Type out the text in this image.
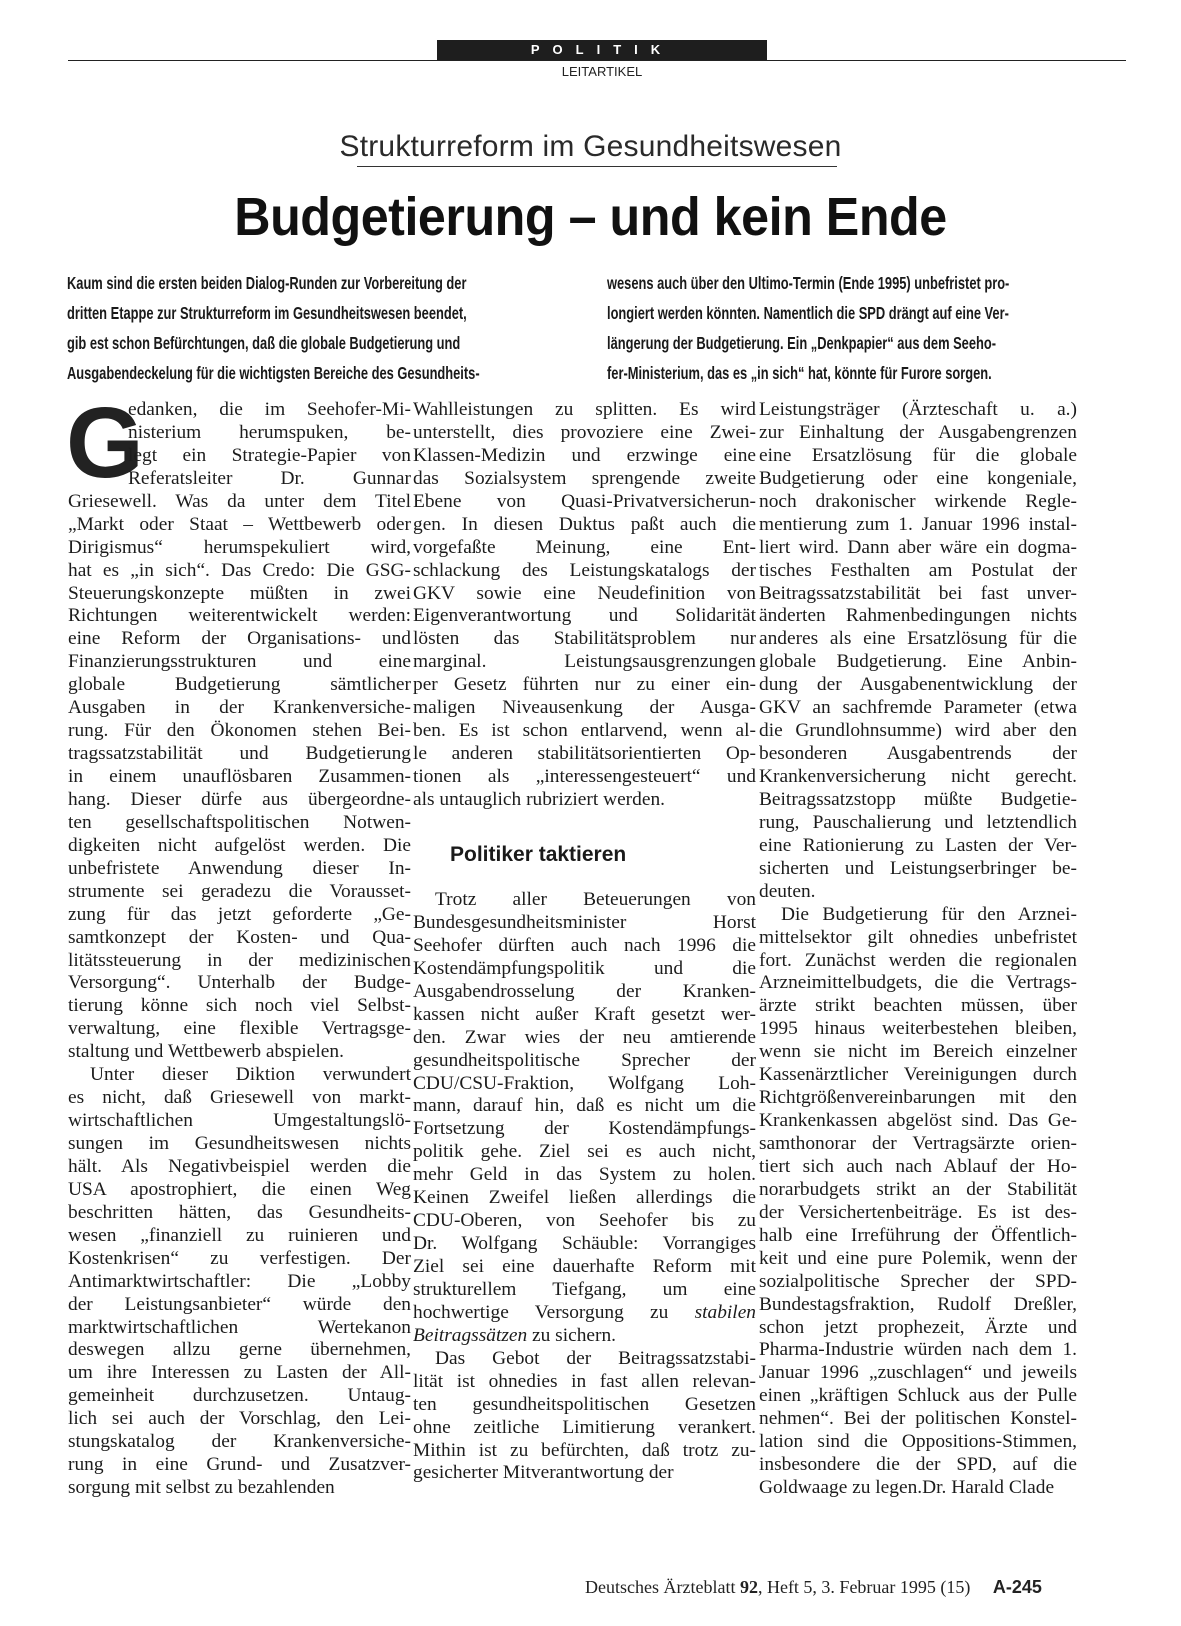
POLITIK
LEITARTIKEL
Strukturreform im Gesundheitswesen
Budgetierung – und kein Ende
Kaum sind die ersten beiden Dialog-Runden zur Vorbereitung der
dritten Etappe zur Strukturreform im Gesundheitswesen beendet,
gib est schon Befürchtungen, daß die globale Budgetierung und
Ausgabendeckelung für die wichtigsten Bereiche des Gesundheits-
wesens auch über den Ultimo-Termin (Ende 1995) unbefristet pro-
longiert werden könnten. Namentlich die SPD drängt auf eine Ver-
längerung der Budgetierung. Ein „Denkpapier“ aus dem Seeho-
fer-Ministerium, das es „in sich“ hat, könnte für Furore sorgen.
G
edanken, die im Seehofer-Mi-
nisterium herumspuken, be-
legt ein Strategie-Papier von
Referatsleiter Dr. Gunnar
Griesewell. Was da unter dem Titel
„Markt oder Staat – Wettbewerb oder
Dirigismus“ herumspekuliert wird,
hat es „in sich“. Das Credo: Die GSG-
Steuerungskonzepte müßten in zwei
Richtungen weiterentwickelt werden:
eine Reform der Organisations- und
Finanzierungsstrukturen und eine
globale Budgetierung sämtlicher
Ausgaben in der Krankenversiche-
rung. Für den Ökonomen stehen Bei-
tragssatzstabilität und Budgetierung
in einem unauflösbaren Zusammen-
hang. Dieser dürfe aus übergeordne-
ten gesellschaftspolitischen Notwen-
digkeiten nicht aufgelöst werden. Die
unbefristete Anwendung dieser In-
strumente sei geradezu die Vorausset-
zung für das jetzt geforderte „Ge-
samtkonzept der Kosten- und Qua-
litätssteuerung in der medizinischen
Versorgung“. Unterhalb der Budge-
tierung könne sich noch viel Selbst-
verwaltung, eine flexible Vertragsge-
staltung und Wettbewerb abspielen.
Unter dieser Diktion verwundert
es nicht, daß Griesewell von markt-
wirtschaftlichen Umgestaltungslö-
sungen im Gesundheitswesen nichts
hält. Als Negativbeispiel werden die
USA apostrophiert, die einen Weg
beschritten hätten, das Gesundheits-
wesen „finanziell zu ruinieren und
Kostenkrisen“ zu verfestigen. Der
Antimarktwirtschaftler: Die „Lobby
der Leistungsanbieter“ würde den
marktwirtschaftlichen Wertekanon
deswegen allzu gerne übernehmen,
um ihre Interessen zu Lasten der All-
gemeinheit durchzusetzen. Untaug-
lich sei auch der Vorschlag, den Lei-
stungskatalog der Krankenversiche-
rung in eine Grund- und Zusatzver-
sorgung mit selbst zu bezahlenden
Wahlleistungen zu splitten. Es wird
unterstellt, dies provoziere eine Zwei-
Klassen-Medizin und erzwinge eine
das Sozialsystem sprengende zweite
Ebene von Quasi-Privatversicherun-
gen. In diesen Duktus paßt auch die
vorgefaßte Meinung, eine Ent-
schlackung des Leistungskatalogs der
GKV sowie eine Neudefinition von
Eigenverantwortung und Solidarität
lösten das Stabilitätsproblem nur
marginal. Leistungsausgrenzungen
per Gesetz führten nur zu einer ein-
maligen Niveausenkung der Ausga-
ben. Es ist schon entlarvend, wenn al-
le anderen stabilitätsorientierten Op-
tionen als „interessengesteuert“ und
als untauglich rubriziert werden.
Politiker taktieren
Trotz aller Beteuerungen von
Bundesgesundheitsminister Horst
Seehofer dürften auch nach 1996 die
Kostendämpfungspolitik und die
Ausgabendrosselung der Kranken-
kassen nicht außer Kraft gesetzt wer-
den. Zwar wies der neu amtierende
gesundheitspolitische Sprecher der
CDU/CSU-Fraktion, Wolfgang Loh-
mann, darauf hin, daß es nicht um die
Fortsetzung der Kostendämpfungs-
politik gehe. Ziel sei es auch nicht,
mehr Geld in das System zu holen.
Keinen Zweifel ließen allerdings die
CDU-Oberen, von Seehofer bis zu
Dr. Wolfgang Schäuble: Vorrangiges
Ziel sei eine dauerhafte Reform mit
strukturellem Tiefgang, um eine
hochwertige Versorgung zu stabilen
Beitragssätzen zu sichern.
Das Gebot der Beitragssatzstabi-
lität ist ohnedies in fast allen relevan-
ten gesundheitspolitischen Gesetzen
ohne zeitliche Limitierung verankert.
Mithin ist zu befürchten, daß trotz zu-
gesicherter Mitverantwortung der
Leistungsträger (Ärzteschaft u. a.)
zur Einhaltung der Ausgabengrenzen
eine Ersatzlösung für die globale
Budgetierung oder eine kongeniale,
noch drakonischer wirkende Regle-
mentierung zum 1. Januar 1996 instal-
liert wird. Dann aber wäre ein dogma-
tisches Festhalten am Postulat der
Beitragssatzstabilität bei fast unver-
änderten Rahmenbedingungen nichts
anderes als eine Ersatzlösung für die
globale Budgetierung. Eine Anbin-
dung der Ausgabenentwicklung der
GKV an sachfremde Parameter (etwa
die Grundlohnsumme) wird aber den
besonderen Ausgabentrends der
Krankenversicherung nicht gerecht.
Beitragssatzstopp müßte Budgetie-
rung, Pauschalierung und letztendlich
eine Rationierung zu Lasten der Ver-
sicherten und Leistungserbringer be-
deuten.
Die Budgetierung für den Arznei-
mittelsektor gilt ohnedies unbefristet
fort. Zunächst werden die regionalen
Arzneimittelbudgets, die die Vertrags-
ärzte strikt beachten müssen, über
1995 hinaus weiterbestehen bleiben,
wenn sie nicht im Bereich einzelner
Kassenärztlicher Vereinigungen durch
Richtgrößenvereinbarungen mit den
Krankenkassen abgelöst sind. Das Ge-
samthonorar der Vertragsärzte orien-
tiert sich auch nach Ablauf der Ho-
norarbudgets strikt an der Stabilität
der Versichertenbeiträge. Es ist des-
halb eine Irreführung der Öffentlich-
keit und eine pure Polemik, wenn der
sozialpolitische Sprecher der SPD-
Bundestagsfraktion, Rudolf Dreßler,
schon jetzt prophezeit, Ärzte und
Pharma-Industrie würden nach dem 1.
Januar 1996 „zuschlagen“ und jeweils
einen „kräftigen Schluck aus der Pulle
nehmen“. Bei der politischen Konstel-
lation sind die Oppositions-Stimmen,
insbesondere die der SPD, auf die
Goldwaage zu legen.Dr. Harald Clade
Deutsches Ärzteblatt 92, Heft 5, 3. Februar 1995 (15) A-245
